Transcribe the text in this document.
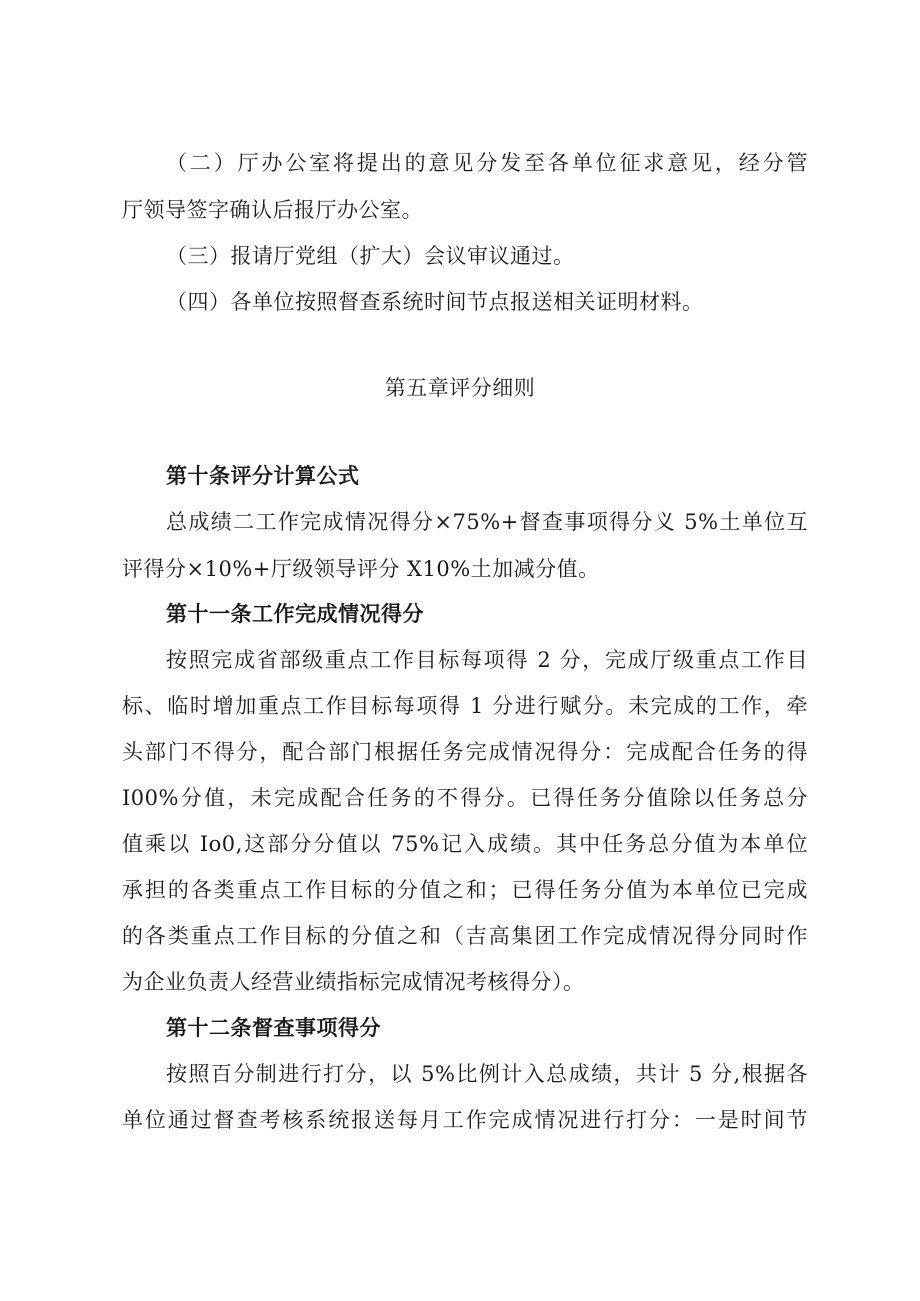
（二）厅办公室将提出的意见分发至各单位征求意见，经分管
厅领导签字确认后报厅办公室。
（三）报请厅党组（扩大）会议审议通过。
（四）各单位按照督查系统时间节点报送相关证明材料。
第五章评分细则
第十条评分计算公式
总成绩二工作完成情况得分×75%+督查事项得分义 5%土单位互
评得分×10%+厅级领导评分 X10%土加减分值。
第十一条工作完成情况得分
按照完成省部级重点工作目标每项得 2 分，完成厅级重点工作目
标、临时增加重点工作目标每项得 1 分进行赋分。未完成的工作，牵
头部门不得分，配合部门根据任务完成情况得分：完成配合任务的得
I00%分值，未完成配合任务的不得分。已得任务分值除以任务总分
值乘以 Io0,这部分分值以 75%记入成绩。其中任务总分值为本单位
承担的各类重点工作目标的分值之和；已得任务分值为本单位已完成
的各类重点工作目标的分值之和（吉高集团工作完成情况得分同时作
为企业负责人经营业绩指标完成情况考核得分）。
第十二条督查事项得分
按照百分制进行打分，以 5%比例计入总成绩，共计 5 分,根据各
单位通过督查考核系统报送每月工作完成情况进行打分：一是时间节
